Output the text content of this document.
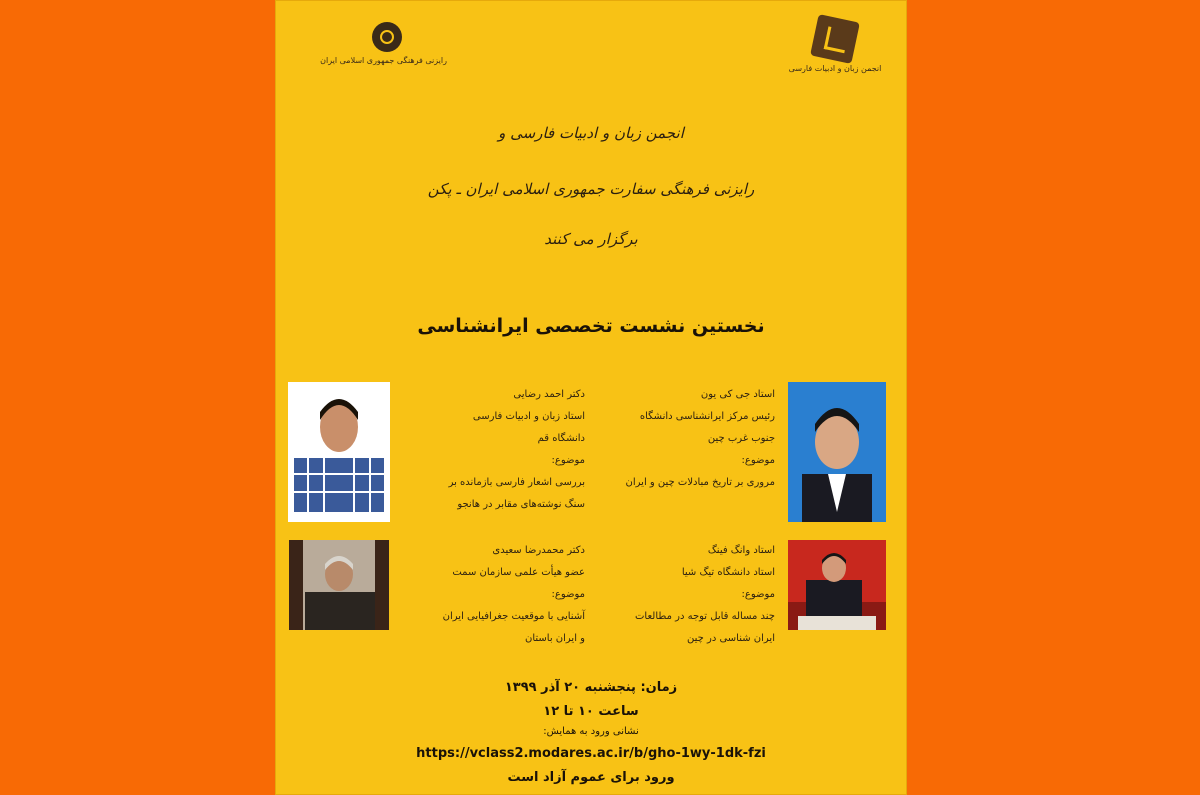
رایزنی فرهنگی جمهوری اسلامی ایران
انجمن زبان و ادبیات فارسی
انجمن زبان و ادبیات فارسی و
رایزنی فرهنگی سفارت جمهوری اسلامی ایران ـ پکن
برگزار می کنند
نخستین نشست تخصصی ایرانشناسی
استاد جی کی یون
رئیس مرکز ایرانشناسی دانشگاه
جنوب غرب چین
موضوع:
مروری بر تاریخ مبادلات چین و ایران
دکتر احمد رضایی
استاد زبان و ادبیات فارسی
دانشگاه قم
موضوع:
بررسی اشعار فارسی بازمانده بر
سنگ نوشته‌های مقابر در هانجو
استاد وانگ فینگ
استاد دانشگاه تیگ شیا
موضوع:
چند مساله قابل توجه در مطالعات
ایران شناسی در چین
دکتر محمدرضا سعیدی
عضو هیأت علمی سازمان سمت
موضوع:
آشنایی با موقعیت جغرافیایی ایران
و ایران باستان
زمان: پنجشنبه ۲۰ آذر ۱۳۹۹
ساعت ۱۰ تا ۱۲
نشانی ورود به همایش:
https://vclass2.modares.ac.ir/b/gho-1wy-1dk-fzi
ورود برای عموم آزاد است
